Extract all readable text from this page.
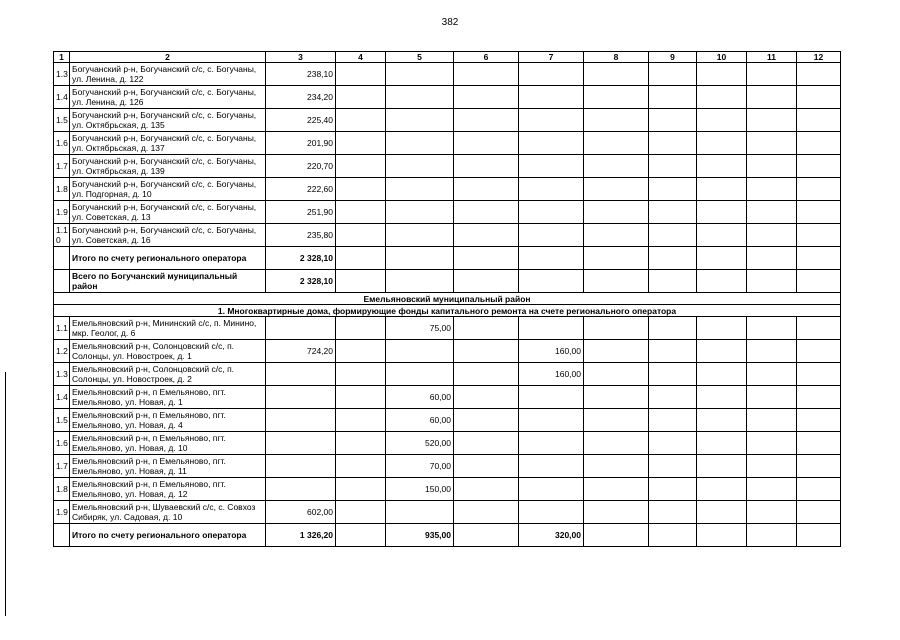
382
1	2	3	4	5	6	7	8	9	10	11	12
1.3	Богучанский р-н, Богучанский с/с, с. Богучаны, ул. Ленина, д. 122	238,10									
1.4	Богучанский р-н, Богучанский с/с, с. Богучаны, ул. Ленина, д. 126	234,20									
1.5	Богучанский р-н, Богучанский с/с, с. Богучаны, ул. Октябрьская, д. 135	225,40									
1.6	Богучанский р-н, Богучанский с/с, с. Богучаны, ул. Октябрьская, д. 137	201,90									
1.7	Богучанский р-н, Богучанский с/с, с. Богучаны, ул. Октябрьская, д. 139	220,70									
1.8	Богучанский р-н, Богучанский с/с, с. Богучаны, ул. Подгорная, д. 10	222,60									
1.9	Богучанский р-н, Богучанский с/с, с. Богучаны, ул. Советская, д. 13	251,90									
1.1 0	Богучанский р-н, Богучанский с/с, с. Богучаны, ул. Советская, д. 16	235,80									
	Итого по счету регионального оператора	2 328,10									
	Всего по Богучанский муниципальный район	2 328,10									
Емельяновский муниципальный район											
1. Многоквартирные дома, формирующие фонды капитального ремонта на счете регионального оператора											
1.1	Емельяновский р-н, Мининский с/с, п. Минино, мкр. Геолог, д. 6			75,00							
1.2	Емельяновский р-н, Солонцовский с/с, п. Солонцы, ул. Новостроек, д. 1	724,20				160,00					
1.3	Емельяновский р-н, Солонцовский с/с, п. Солонцы, ул. Новостроек, д. 2					160,00					
1.4	Емельяновский р-н, п Емельяново, пгт. Емельяново, ул. Новая, д. 1			60,00							
1.5	Емельяновский р-н, п Емельяново, пгт. Емельяново, ул. Новая, д. 4			60,00							
1.6	Емельяновский р-н, п Емельяново, пгт. Емельяново, ул. Новая, д. 10			520,00							
1.7	Емельяновский р-н, п Емельяново, пгт. Емельяново, ул. Новая, д. 11			70,00							
1.8	Емельяновский р-н, п Емельяново, пгт. Емельяново, ул. Новая, д. 12			150,00							
1.9	Емельяновский р-н, Шуваевский с/с, с. Совхоз Сибиряк, ул. Садовая, д. 10	602,00									
	Итого по счету регионального оператора	1 326,20		935,00		320,00					
